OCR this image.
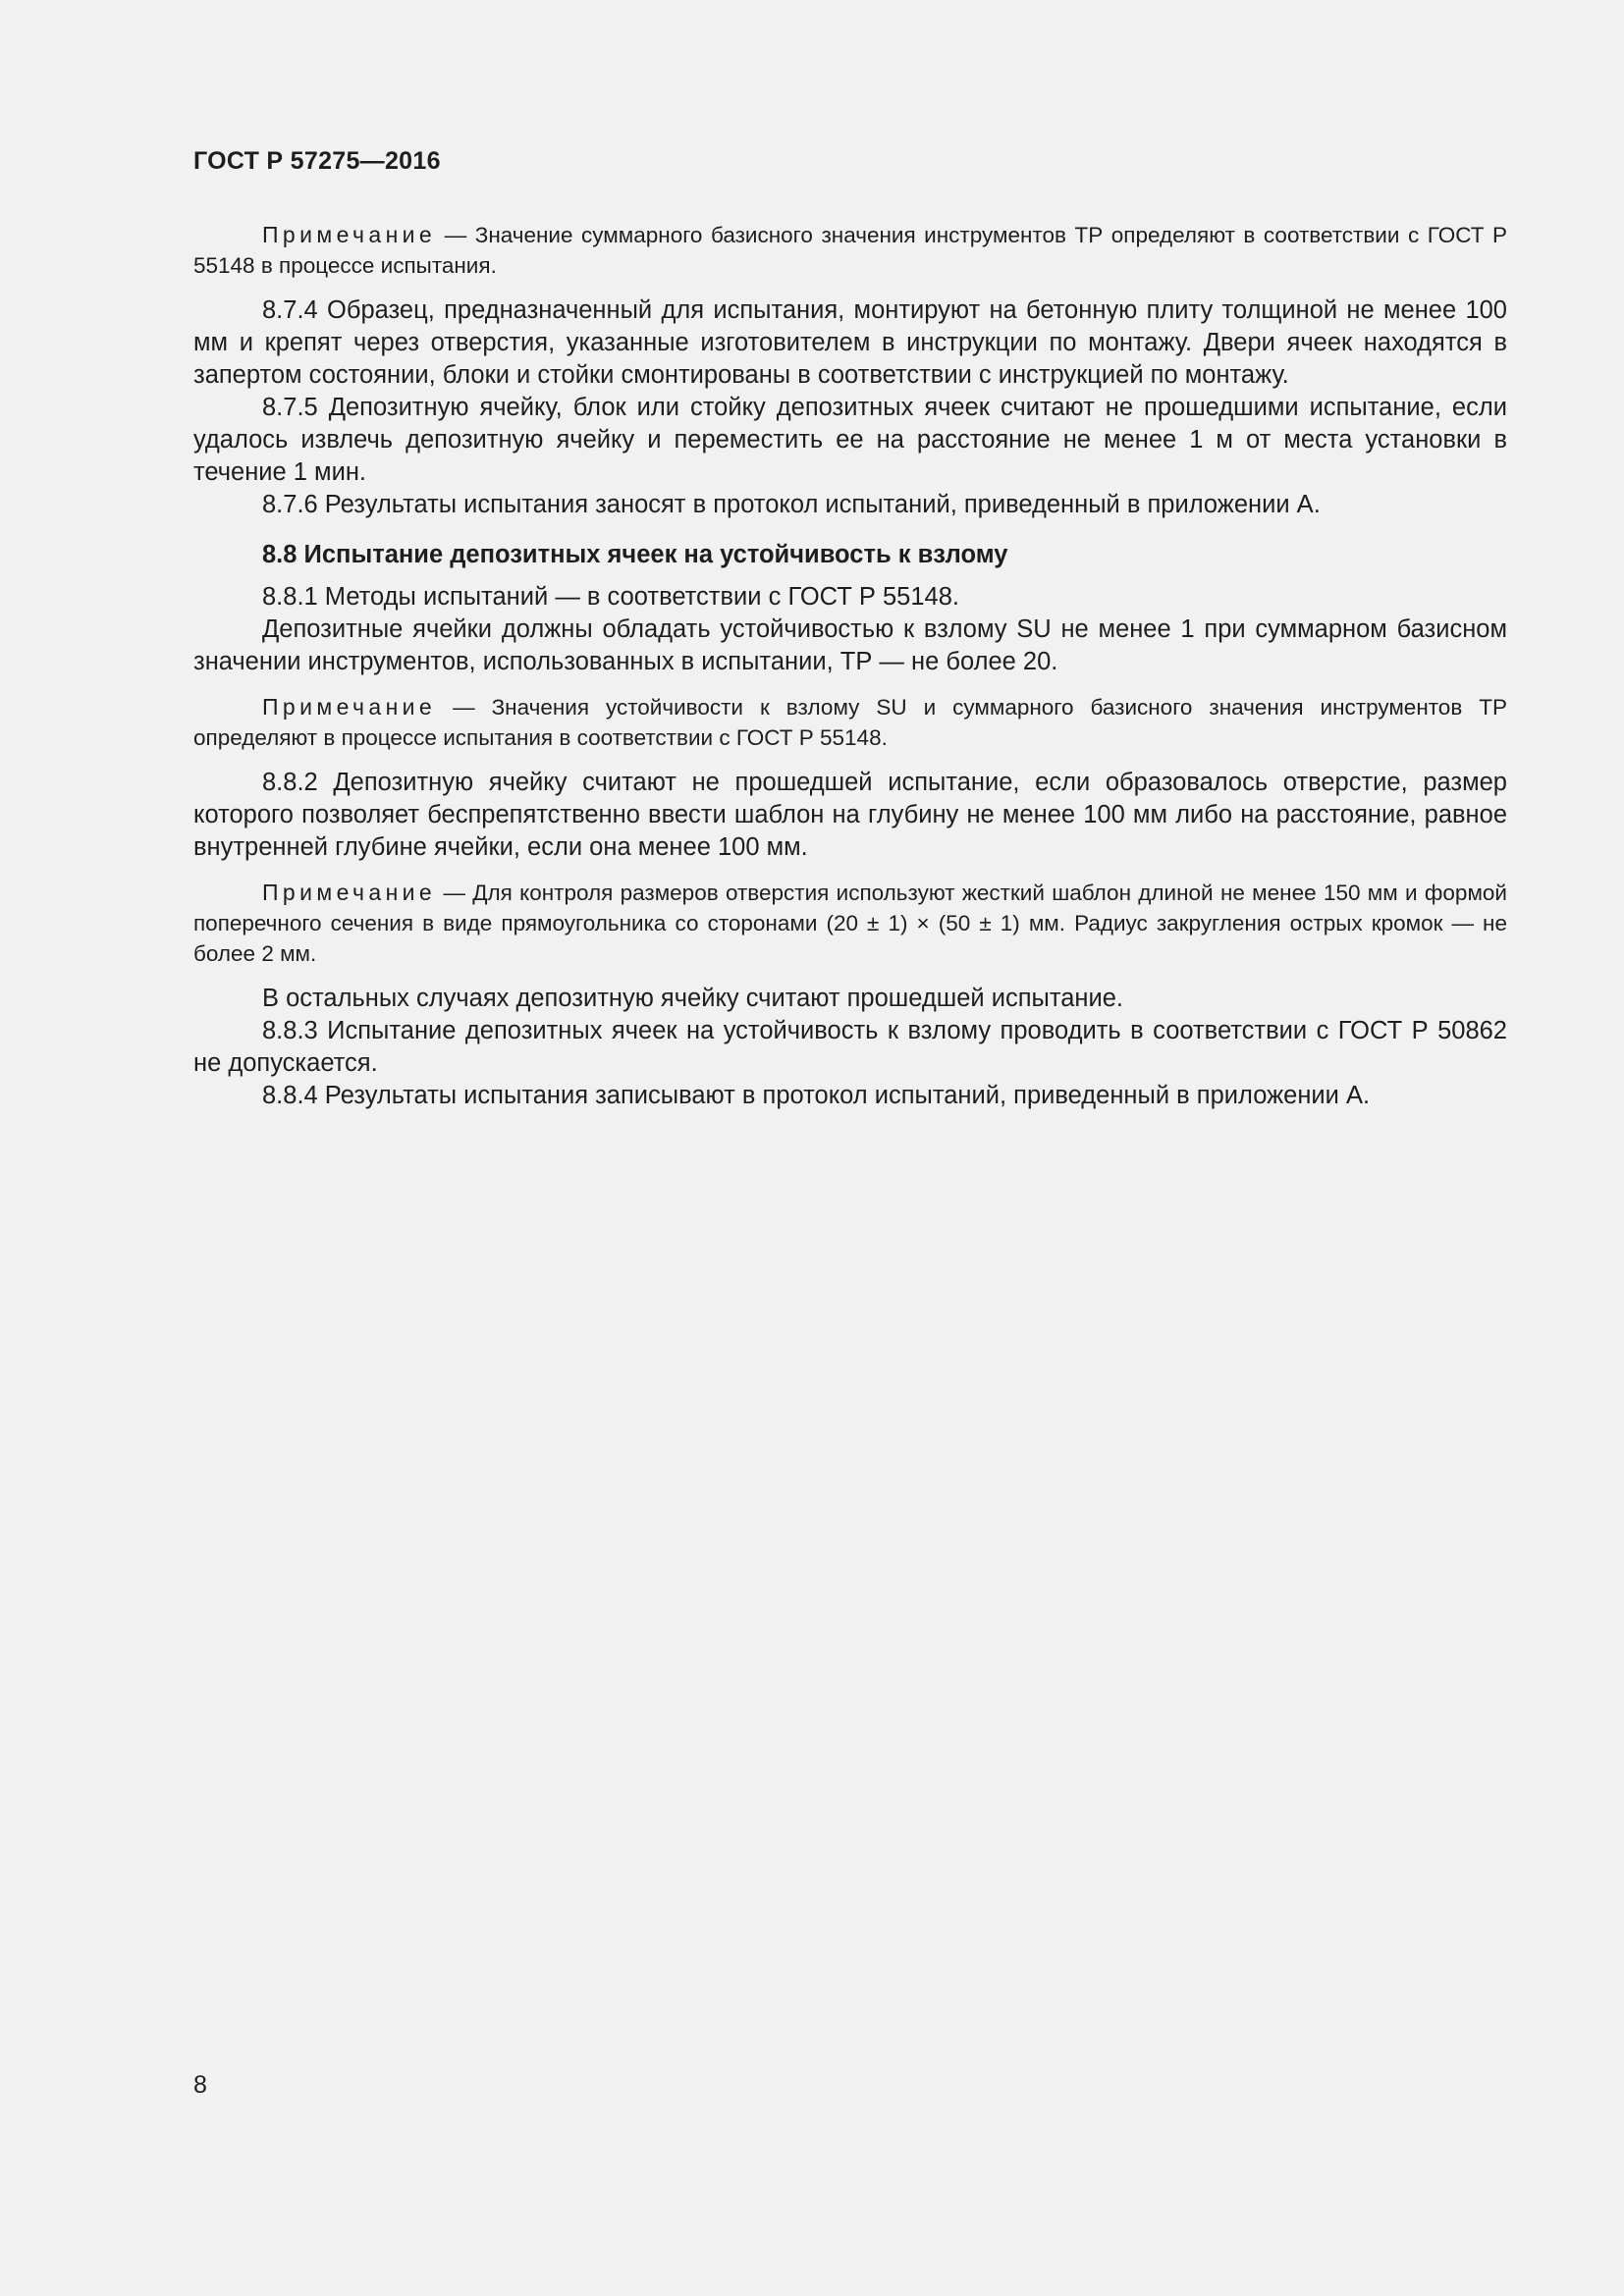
ГОСТ Р 57275—2016

Примечание — Значение суммарного базисного значения инструментов ТР определяют в соответствии с ГОСТ Р 55148 в процессе испытания.

8.7.4 Образец, предназначенный для испытания, монтируют на бетонную плиту толщиной не менее 100 мм и крепят через отверстия, указанные изготовителем в инструкции по монтажу. Двери ячеек находятся в запертом состоянии, блоки и стойки смонтированы в соответствии с инструкцией по монтажу.

8.7.5 Депозитную ячейку, блок или стойку депозитных ячеек считают не прошедшими испытание, если удалось извлечь депозитную ячейку и переместить ее на расстояние не менее 1 м от места установки в течение 1 мин.

8.7.6 Результаты испытания заносят в протокол испытаний, приведенный в приложении А.

8.8 Испытание депозитных ячеек на устойчивость к взлому

8.8.1 Методы испытаний — в соответствии с ГОСТ Р 55148.

Депозитные ячейки должны обладать устойчивостью к взлому SU не менее 1 при суммарном базисном значении инструментов, использованных в испытании, ТР — не более 20.

Примечание — Значения устойчивости к взлому SU и суммарного базисного значения инструментов ТР определяют в процессе испытания в соответствии с ГОСТ Р 55148.

8.8.2 Депозитную ячейку считают не прошедшей испытание, если образовалось отверстие, размер которого позволяет беспрепятственно ввести шаблон на глубину не менее 100 мм либо на расстояние, равное внутренней глубине ячейки, если она менее 100 мм.

Примечание — Для контроля размеров отверстия используют жесткий шаблон длиной не менее 150 мм и формой поперечного сечения в виде прямоугольника со сторонами (20 ± 1) × (50 ± 1) мм. Радиус закругления острых кромок — не более 2 мм.

В остальных случаях депозитную ячейку считают прошедшей испытание.

8.8.3 Испытание депозитных ячеек на устойчивость к взлому проводить в соответствии с ГОСТ Р 50862 не допускается.

8.8.4 Результаты испытания записывают в протокол испытаний, приведенный в приложении А.

8
